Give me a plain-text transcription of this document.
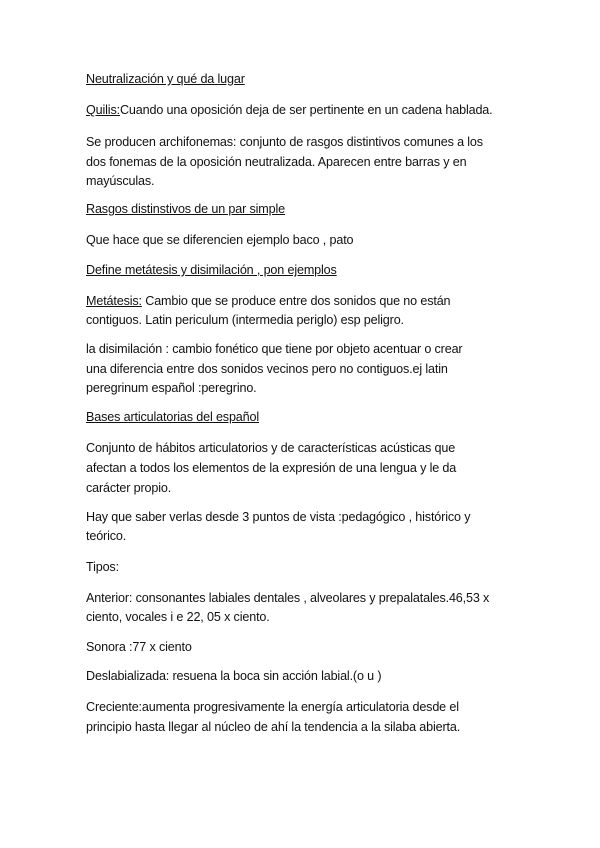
Neutralización y qué da lugar
Quilis:Cuando una oposición deja de ser pertinente en un cadena hablada.
Se producen archifonemas: conjunto de rasgos distintivos comunes a los
dos fonemas de la oposición neutralizada. Aparecen entre barras y en
mayúsculas.
Rasgos distinstivos de un par simple
Que hace que se diferencien ejemplo baco , pato
Define metátesis y disimilación , pon ejemplos
Metátesis: Cambio que se produce entre dos sonidos que no están
contiguos. Latin periculum (intermedia periglo) esp peligro.
la disimilación : cambio fonético que tiene por objeto acentuar o crear
una diferencia entre dos sonidos vecinos pero no contiguos.ej latin
peregrinum español :peregrino.
Bases articulatorias del español
Conjunto de hábitos articulatorios y de características acústicas que
afectan a todos los elementos de la expresión de una lengua y le da
carácter propio.
Hay que saber verlas desde 3 puntos de vista :pedagógico , histórico y
teórico.
Tipos:
Anterior: consonantes labiales dentales , alveolares y prepalatales.46,53 x
ciento, vocales i e 22, 05 x ciento.
Sonora :77 x ciento
Deslabializada: resuena la boca sin acción labial.(o u )
Creciente:aumenta progresivamente la energía articulatoria desde el
principio hasta llegar al núcleo de ahí la tendencia a la silaba abierta.
